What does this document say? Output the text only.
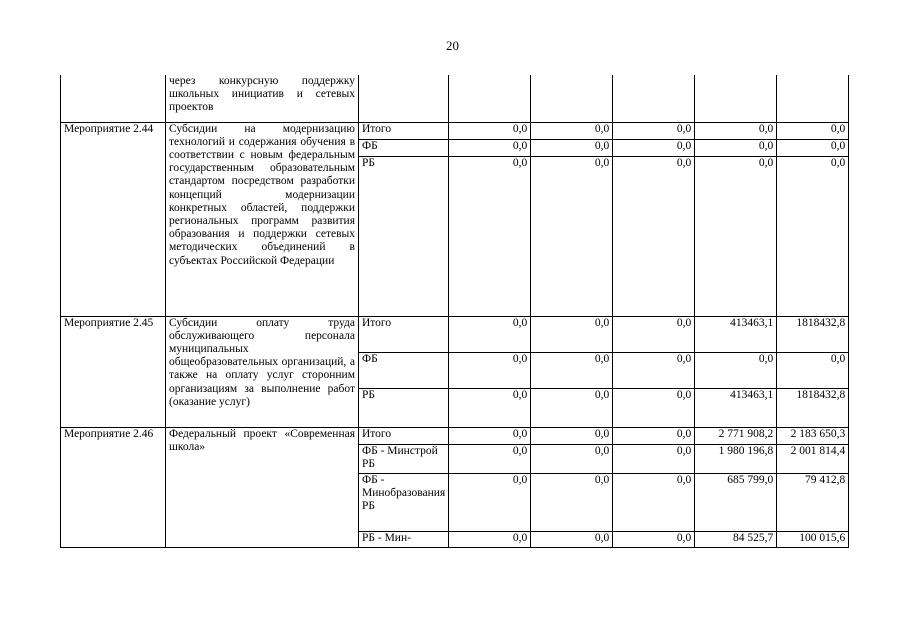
20

	через конкурсную поддержку школьных инициатив и сетевых проектов						

Мероприятие 2.44	Субсидии на модернизацию технологий и содержания обучения в соответствии с новым федеральным государственным образовательным стандартом посредством разработки концепций модернизации конкретных областей, поддержки региональных программ развития образования и поддержки сетевых методических объединений в субъектах Российской Федерации	Итого	0,0	0,0	0,0	0,0	0,0
		ФБ	0,0	0,0	0,0	0,0	0,0
		РБ	0,0	0,0	0,0	0,0	0,0
Мероприятие 2.45	Субсидии оплату труда обслуживающего персонала муниципальных общеобразовательных организаций, а также на оплату услуг сторонним организациям за выполнение работ (оказание услуг)	Итого	0,0	0,0	0,0	413463,1	1818432,8
		ФБ	0,0	0,0	0,0	0,0	0,0
		РБ	0,0	0,0	0,0	413463,1	1818432,8
Мероприятие 2.46	Федеральный проект «Современная школа»	Итого	0,0	0,0	0,0	2 771 908,2	2 183 650,3
		ФБ - Минстрой РБ	0,0	0,0	0,0	1 980 196,8	2 001 814,4
		ФБ - Минобразования РБ	0,0	0,0	0,0	685 799,0	79 412,8
		РБ - Мин-	0,0	0,0	0,0	84 525,7	100 015,6
